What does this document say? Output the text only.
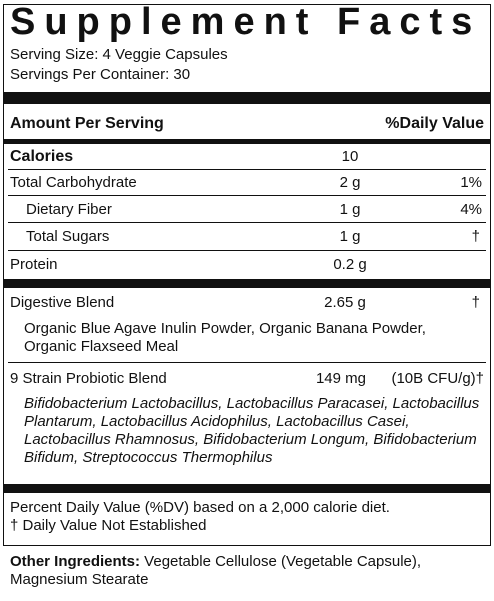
Supplement Facts
Serving Size: 4 Veggie Capsules
Servings Per Container: 30
Amount Per Serving	%Daily Value
Calories	10
Total Carbohydrate	2 g	1%
Dietary Fiber	1 g	4%
Total Sugars	1 g	†
Protein	0.2 g
Digestive Blend	2.65 g	†
Organic Blue Agave Inulin Powder, Organic Banana Powder,
Organic Flaxseed Meal
9 Strain Probiotic Blend	149 mg	(10B CFU/g)†
Bifidobacterium Lactobacillus, Lactobacillus Paracasei, Lactobacillus
Plantarum, Lactobacillus Acidophilus, Lactobacillus Casei,
Lactobacillus Rhamnosus, Bifidobacterium Longum, Bifidobacterium
Bifidum, Streptococcus Thermophilus
Percent Daily Value (%DV) based on a 2,000 calorie diet.
† Daily Value Not Established
Other Ingredients: Vegetable Cellulose (Vegetable Capsule),
Magnesium Stearate
